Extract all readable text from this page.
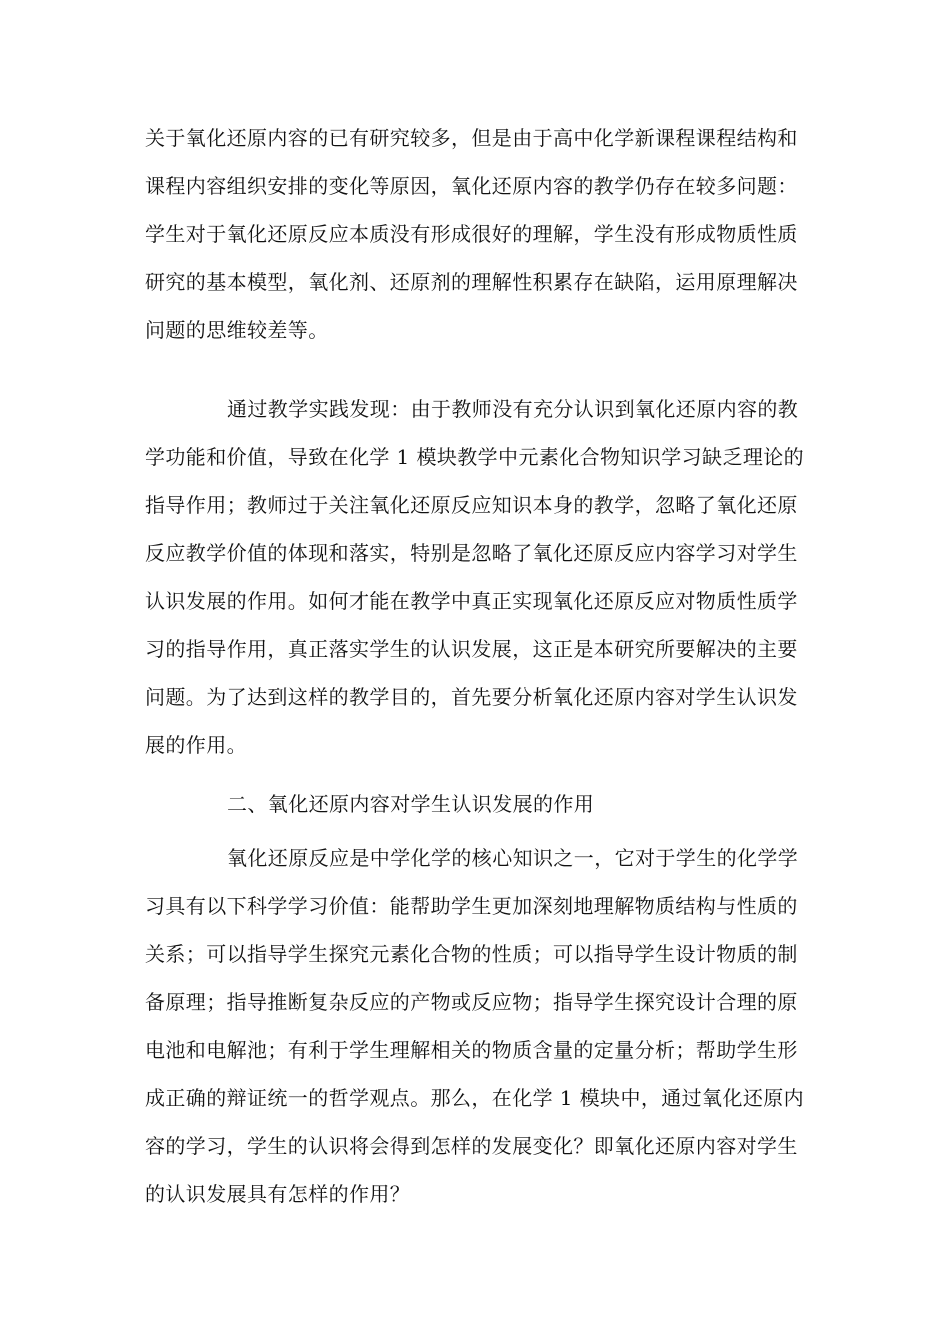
关于氧化还原内容的已有研究较多，但是由于高中化学新课程课程结构和
课程内容组织安排的变化等原因，氧化还原内容的教学仍存在较多问题：
学生对于氧化还原反应本质没有形成很好的理解，学生没有形成物质性质
研究的基本模型，氧化剂、还原剂的理解性积累存在缺陷，运用原理解决
问题的思维较差等。
通过教学实践发现：由于教师没有充分认识到氧化还原内容的教
学功能和价值，导致在化学 1 模块教学中元素化合物知识学习缺乏理论的
指导作用；教师过于关注氧化还原反应知识本身的教学，忽略了氧化还原
反应教学价值的体现和落实，特别是忽略了氧化还原反应内容学习对学生
认识发展的作用。如何才能在教学中真正实现氧化还原反应对物质性质学
习的指导作用，真正落实学生的认识发展，这正是本研究所要解决的主要
问题。为了达到这样的教学目的，首先要分析氧化还原内容对学生认识发
展的作用。
二、氧化还原内容对学生认识发展的作用
氧化还原反应是中学化学的核心知识之一，它对于学生的化学学
习具有以下科学学习价值：能帮助学生更加深刻地理解物质结构与性质的
关系；可以指导学生探究元素化合物的性质；可以指导学生设计物质的制
备原理；指导推断复杂反应的产物或反应物；指导学生探究设计合理的原
电池和电解池；有利于学生理解相关的物质含量的定量分析；帮助学生形
成正确的辩证统一的哲学观点。那么，在化学 1 模块中，通过氧化还原内
容的学习，学生的认识将会得到怎样的发展变化？即氧化还原内容对学生
的认识发展具有怎样的作用？
